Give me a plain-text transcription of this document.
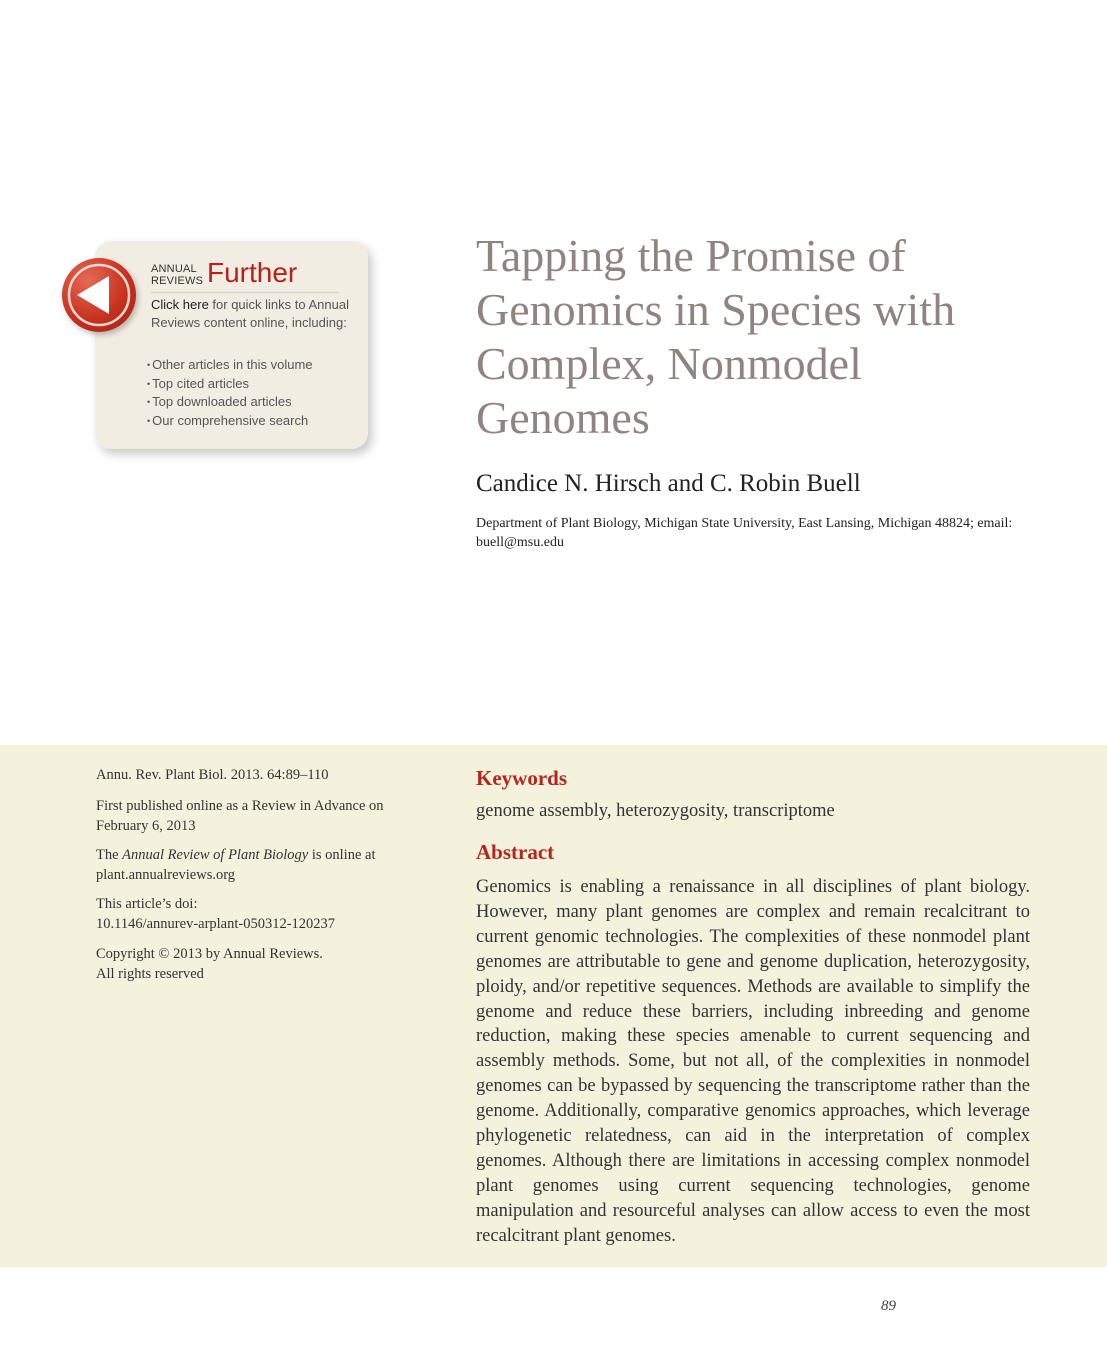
ANNUAL
REVIEWS Further
Click here for quick links to Annual Reviews content online, including:
• Other articles in this volume
• Top cited articles
• Top downloaded articles
• Our comprehensive search
Tapping the Promise of Genomics in Species with Complex, Nonmodel Genomes
Candice N. Hirsch and C. Robin Buell
Department of Plant Biology, Michigan State University, East Lansing, Michigan 48824; email: buell@msu.edu
Annu. Rev. Plant Biol. 2013. 64:89–110
First published online as a Review in Advance on February 6, 2013
The Annual Review of Plant Biology is online at plant.annualreviews.org
This article’s doi:
10.1146/annurev-arplant-050312-120237
Copyright © 2013 by Annual Reviews.
All rights reserved
Keywords
genome assembly, heterozygosity, transcriptome
Abstract

Genomics is enabling a renaissance in all disciplines of plant biology. However, many plant genomes are complex and remain recalcitrant to current genomic technologies. The complexities of these nonmodel plant genomes are attributable to gene and genome duplication, heterozygosity, ploidy, and/or repetitive sequences. Methods are available to simplify the genome and reduce these barriers, including inbreeding and genome reduction, making these species amenable to current sequencing and assembly methods. Some, but not all, of the complexities in nonmodel genomes can be bypassed by sequencing the transcriptome rather than the genome. Additionally, comparative genomics approaches, which leverage phylogenetic relatedness, can aid in the interpretation of complex genomes. Although there are limitations in accessing complex nonmodel plant genomes using current sequencing technologies, genome manipulation and resourceful analyses can allow access to even the most recalcitrant plant genomes.

89
